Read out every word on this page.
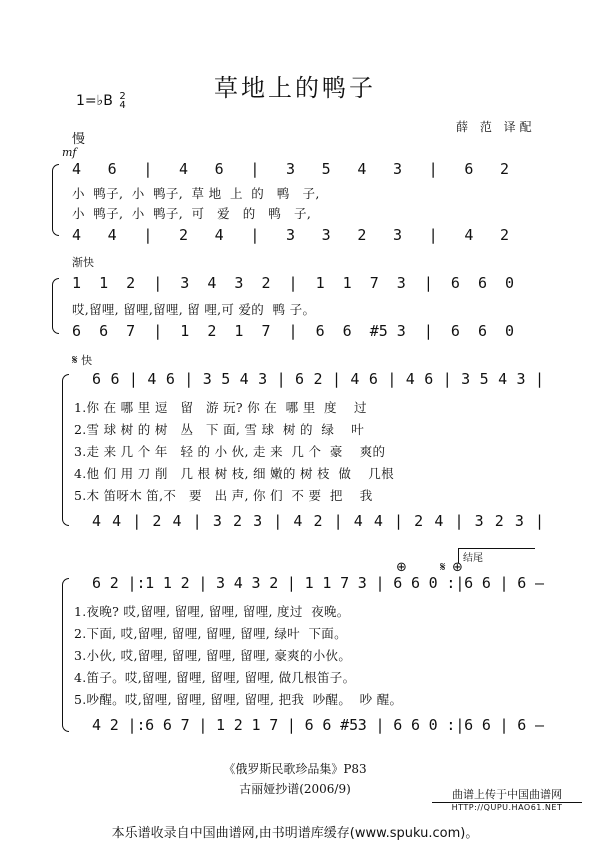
草地上的鸭子
1=♭B 2
4
薛 范 译配
慢
mf
4 6 | 4 6 | 3 5 4 3 | 6 2
小  鸭子,  小  鸭子,  草 地  上  的   鸭   子,
小  鸭子,  小  鸭子,  可   爱   的   鸭   子,
4 4 | 2 4 | 3 3 2 3 | 4 2
渐快
1 1 2 | 3 4 3 2 | 1 1 7 3 | 6 6 0
哎,留哩, 留哩,留哩, 留 哩,可 爱的  鸭 子。
6 6 7 | 1 2 1 7 | 6 6 #5 3 | 6 6 0
𝄋 快
6 6 | 4 6 | 3 5 4 3 | 6 2 | 4 6 | 4 6 | 3 5 4 3 |
1.你 在 哪 里 逗   留   游 玩? 你 在  哪 里  度    过
2.雪 球 树 的 树   丛   下 面, 雪 球  树 的  绿    叶
3.走 来 几 个 年   轻 的 小 伙, 走 来  几 个  豪    爽的
4.他 们 用 刀 削   几 根 树 枝, 细 嫩的 树 枝  做    几根
5.木 笛呀木 笛,不   要   出 声, 你 们  不 要  把    我
4 4 | 2 4 | 3 2 3 | 4 2 | 4 4 | 2 4 | 3 2 3 |
⊕	𝄋 ⊕
结尾
6 2 |: 1 1 2 | 3 4 3 2 | 1 1 7 3 | 6 6 0 :| 6 6 | 6 –
1.夜晚? 哎,留哩, 留哩, 留哩, 留哩, 度过  夜晚。
2.下面, 哎,留哩, 留哩, 留哩, 留哩, 绿叶  下面。
3.小伙, 哎,留哩, 留哩, 留哩, 留哩, 豪爽的小伙。
4.笛子。哎,留哩, 留哩, 留哩, 留哩, 做几根笛子。
5.吵醒。哎,留哩, 留哩, 留哩, 留哩, 把我  吵醒。  吵 醒。
4 2 |: 6 6 7 | 1 2 1 7 | 6 6 #5 3 | 6 6 0 :| 6 6 | 6 –
《俄罗斯民歌珍品集》P83
古丽娅抄谱(2006/9)	曲谱上传于中国曲谱网
HTTP://QUPU.HAO61.NET
本乐谱收录自中国曲谱网,由书明谱库缓存(www.spuku.com)。
